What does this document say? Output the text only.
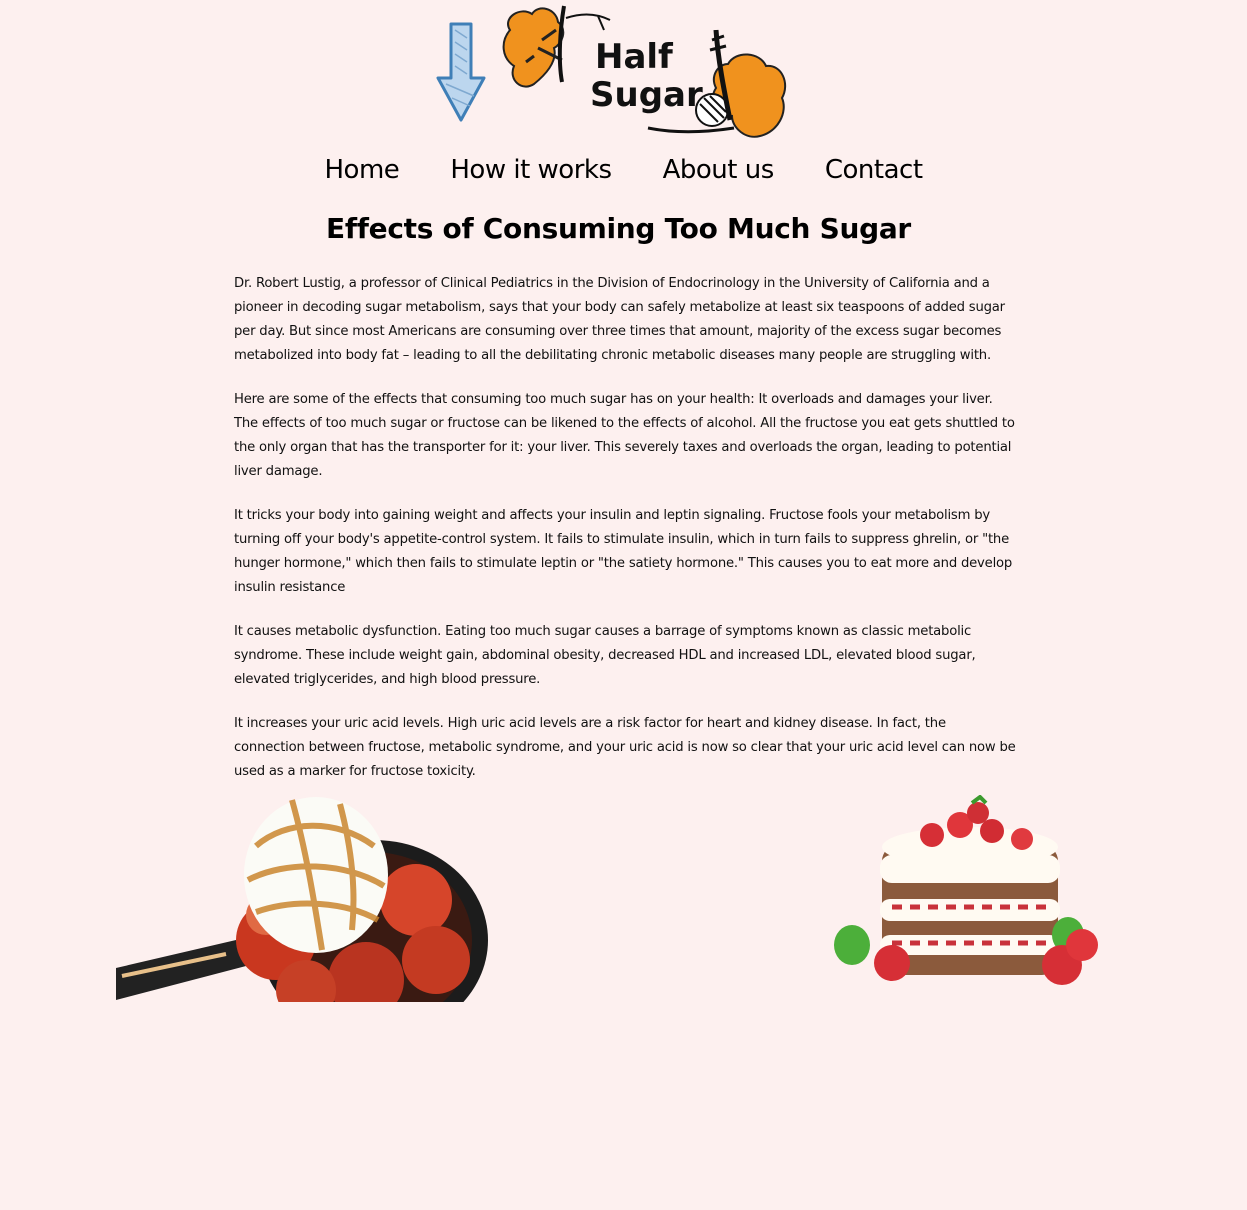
Half
Sugar
Home How it works About us Contact
Effects of Consuming Too Much Sugar

Dr. Robert Lustig, a professor of Clinical Pediatrics in the Division of Endocrinology in the University of California and a pioneer in decoding sugar metabolism, says that your body can safely metabolize at least six teaspoons of added sugar per day. But since most Americans are consuming over three times that amount, majority of the excess sugar becomes metabolized into body fat – leading to all the debilitating chronic metabolic diseases many people are struggling with.

Here are some of the effects that consuming too much sugar has on your health: It overloads and damages your liver. The effects of too much sugar or fructose can be likened to the effects of alcohol. All the fructose you eat gets shuttled to the only organ that has the transporter for it: your liver. This severely taxes and overloads the organ, leading to potential liver damage.

It tricks your body into gaining weight and affects your insulin and leptin signaling. Fructose fools your metabolism by turning off your body's appetite-control system. It fails to stimulate insulin, which in turn fails to suppress ghrelin, or "the hunger hormone," which then fails to stimulate leptin or "the satiety hormone." This causes you to eat more and develop insulin resistance

It causes metabolic dysfunction. Eating too much sugar causes a barrage of symptoms known as classic metabolic syndrome. These include weight gain, abdominal obesity, decreased HDL and increased LDL, elevated blood sugar, elevated triglycerides, and high blood pressure.

It increases your uric acid levels. High uric acid levels are a risk factor for heart and kidney disease. In fact, the connection between fructose, metabolic syndrome, and your uric acid is now so clear that your uric acid level can now be used as a marker for fructose toxicity.
